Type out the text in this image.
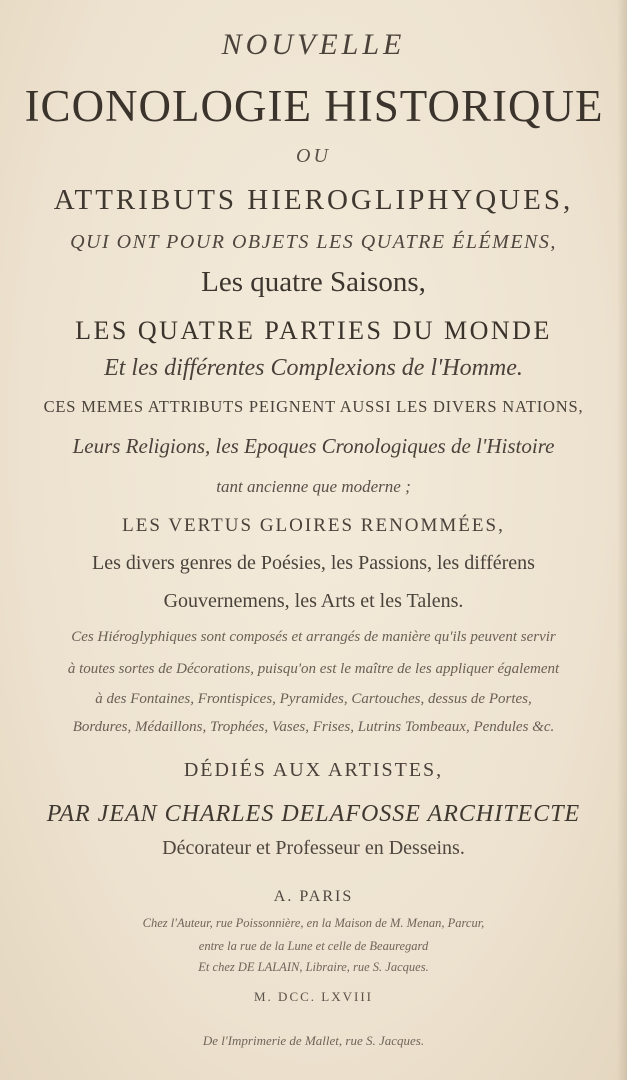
NOUVELLE
ICONOLOGIE HISTORIQUE
OU
ATTRIBUTS HIEROGLIPHYQUES,
QUI ONT POUR OBJETS LES QUATRE ÉLÉMENS,
Les quatre Saisons,
LES QUATRE PARTIES DU MONDE
Et les différentes Complexions de l'Homme.
CES MEMES ATTRIBUTS PEIGNENT AUSSI LES DIVERS NATIONS,
Leurs Religions, les Epoques Cronologiques de l'Histoire
tant ancienne que moderne ;
LES VERTUS GLOIRES RENOMMÉES,
Les divers genres de Poésies, les Passions, les différens
Gouvernemens, les Arts et les Talens.
Ces Hiéroglyphiques sont composés et arrangés de manière qu'ils peuvent servir
à toutes sortes de Décorations, puisqu'on est le maître de les appliquer également
à des Fontaines, Frontispices, Pyramides, Cartouches, dessus de Portes,
Bordures, Médaillons, Trophées, Vases, Frises, Lutrins Tombeaux, Pendules &c.
DÉDIÉS AUX ARTISTES,
PAR JEAN CHARLES DELAFOSSE ARCHITECTE
Décorateur et Professeur en Desseins.
A. PARIS
Chez l'Auteur, rue Poissonnière, en la Maison de M. Menan, Parcur,
entre la rue de la Lune et celle de Beauregard
Et chez DE LALAIN, Libraire, rue S. Jacques.
M. DCC. LXVIII
De l'Imprimerie de Mallet, rue S. Jacques.
